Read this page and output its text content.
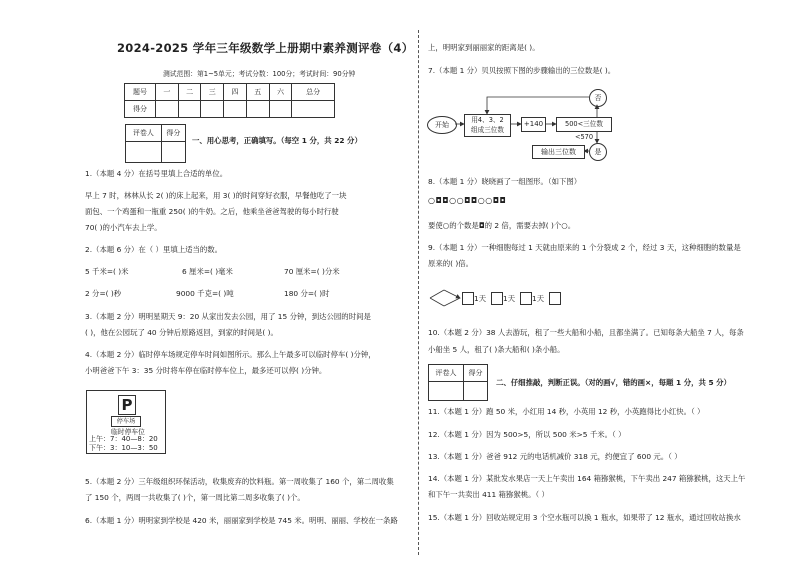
2024-2025 学年三年级数学上册期中素养测评卷（4）
测试范围：第1~5单元；考试分数：100分；考试时间：90分钟
题号	一	二	三	四	五	六	总分
得分							
评卷人	得分

一、用心思考，正确填写。（每空 1 分，共 22 分）
1.（本题 4 分）在括号里填上合适的单位。
早上 7 时，林林从长 2( )的床上起来，用 3( )的时间穿好衣服，早餐他吃了一块
面包、一个鸡蛋和一瓶重 250( )的牛奶。之后，他乘坐爸爸驾驶的每小时行驶
70( )的小汽车去上学。
2.（本题 6 分）在（ ）里填上适当的数。
5 千米=( )米	6 厘米=( )毫米	70 厘米=( )分米
2 分=( )秒	9000 千克=( )吨	180 分=( )时
3.（本题 2 分）明明星期天 9：20 从家出发去公园，用了 15 分钟，到达公园的时间是
( )，他在公园玩了 40 分钟后原路返回，到家的时间是( )。
4.（本题 2 分）临时停车场规定停车时间如图所示。那么上午最多可以临时停车( )分钟，
小明爸爸下午 3：35 分时将车停在临时停车位上，最多还可以停( )分钟。
P
停车场
临时停车位
上午：7：40—8：20
下午：3：10—3：50
5.（本题 2 分）三年级组织环保活动，收集废弃的饮料瓶。第一周收集了 160 个，第二周收集
了 150 个，两周一共收集了( )个，第一周比第二周多收集了( )个。
6.（本题 1 分）明明家到学校是 420 米，丽丽家到学校是 745 米。明明、丽丽、学校在一条路
上，明明家到丽丽家的距离是( )。
7.（本题 1 分）贝贝按照下图的步骤输出的三位数是( )。
开始
用4、3、2
组成三位数
+140	500<三位数<570
否
是
输出三位数
8.（本题 1 分）晓晓画了一组图形。（如下图）
○◘◘○○◘◘○○◘◘
要使○的个数是◘的 2 倍，需要去掉( )个○。
9.（本题 1 分）一种细胞每过 1 天就由原来的 1 个分裂成 2 个，经过 3 天，这种细胞的数量是
原来的( )倍。
1天 1天 1天
10.（本题 2 分）38 人去游玩，租了一些大船和小船，且都坐满了。已知每条大船坐 7 人，每条
小船坐 5 人，租了( )条大船和( )条小船。
评卷人	得分

二、仔细推敲，判断正误。（对的画√，错的画×，每题 1 分，共 5 分）
11.（本题 1 分）跑 50 米，小红用 14 秒，小英用 12 秒，小英跑得比小红快。（ ）
12.（本题 1 分）因为 500>5，所以 500 米>5 千米。（ ）
13.（本题 1 分）爸爸 912 元的电话机减价 318 元，约便宜了 600 元。（ ）
14.（本题 1 分）某批发水果店一天上午卖出 164 箱猕猴桃，下午卖出 247 箱猕猴桃，这天上午
和下午一共卖出 411 箱猕猴桃。（ ）
15.（本题 1 分）回收站规定用 3 个空水瓶可以换 1 瓶水，如果带了 12 瓶水，通过回收站换水
